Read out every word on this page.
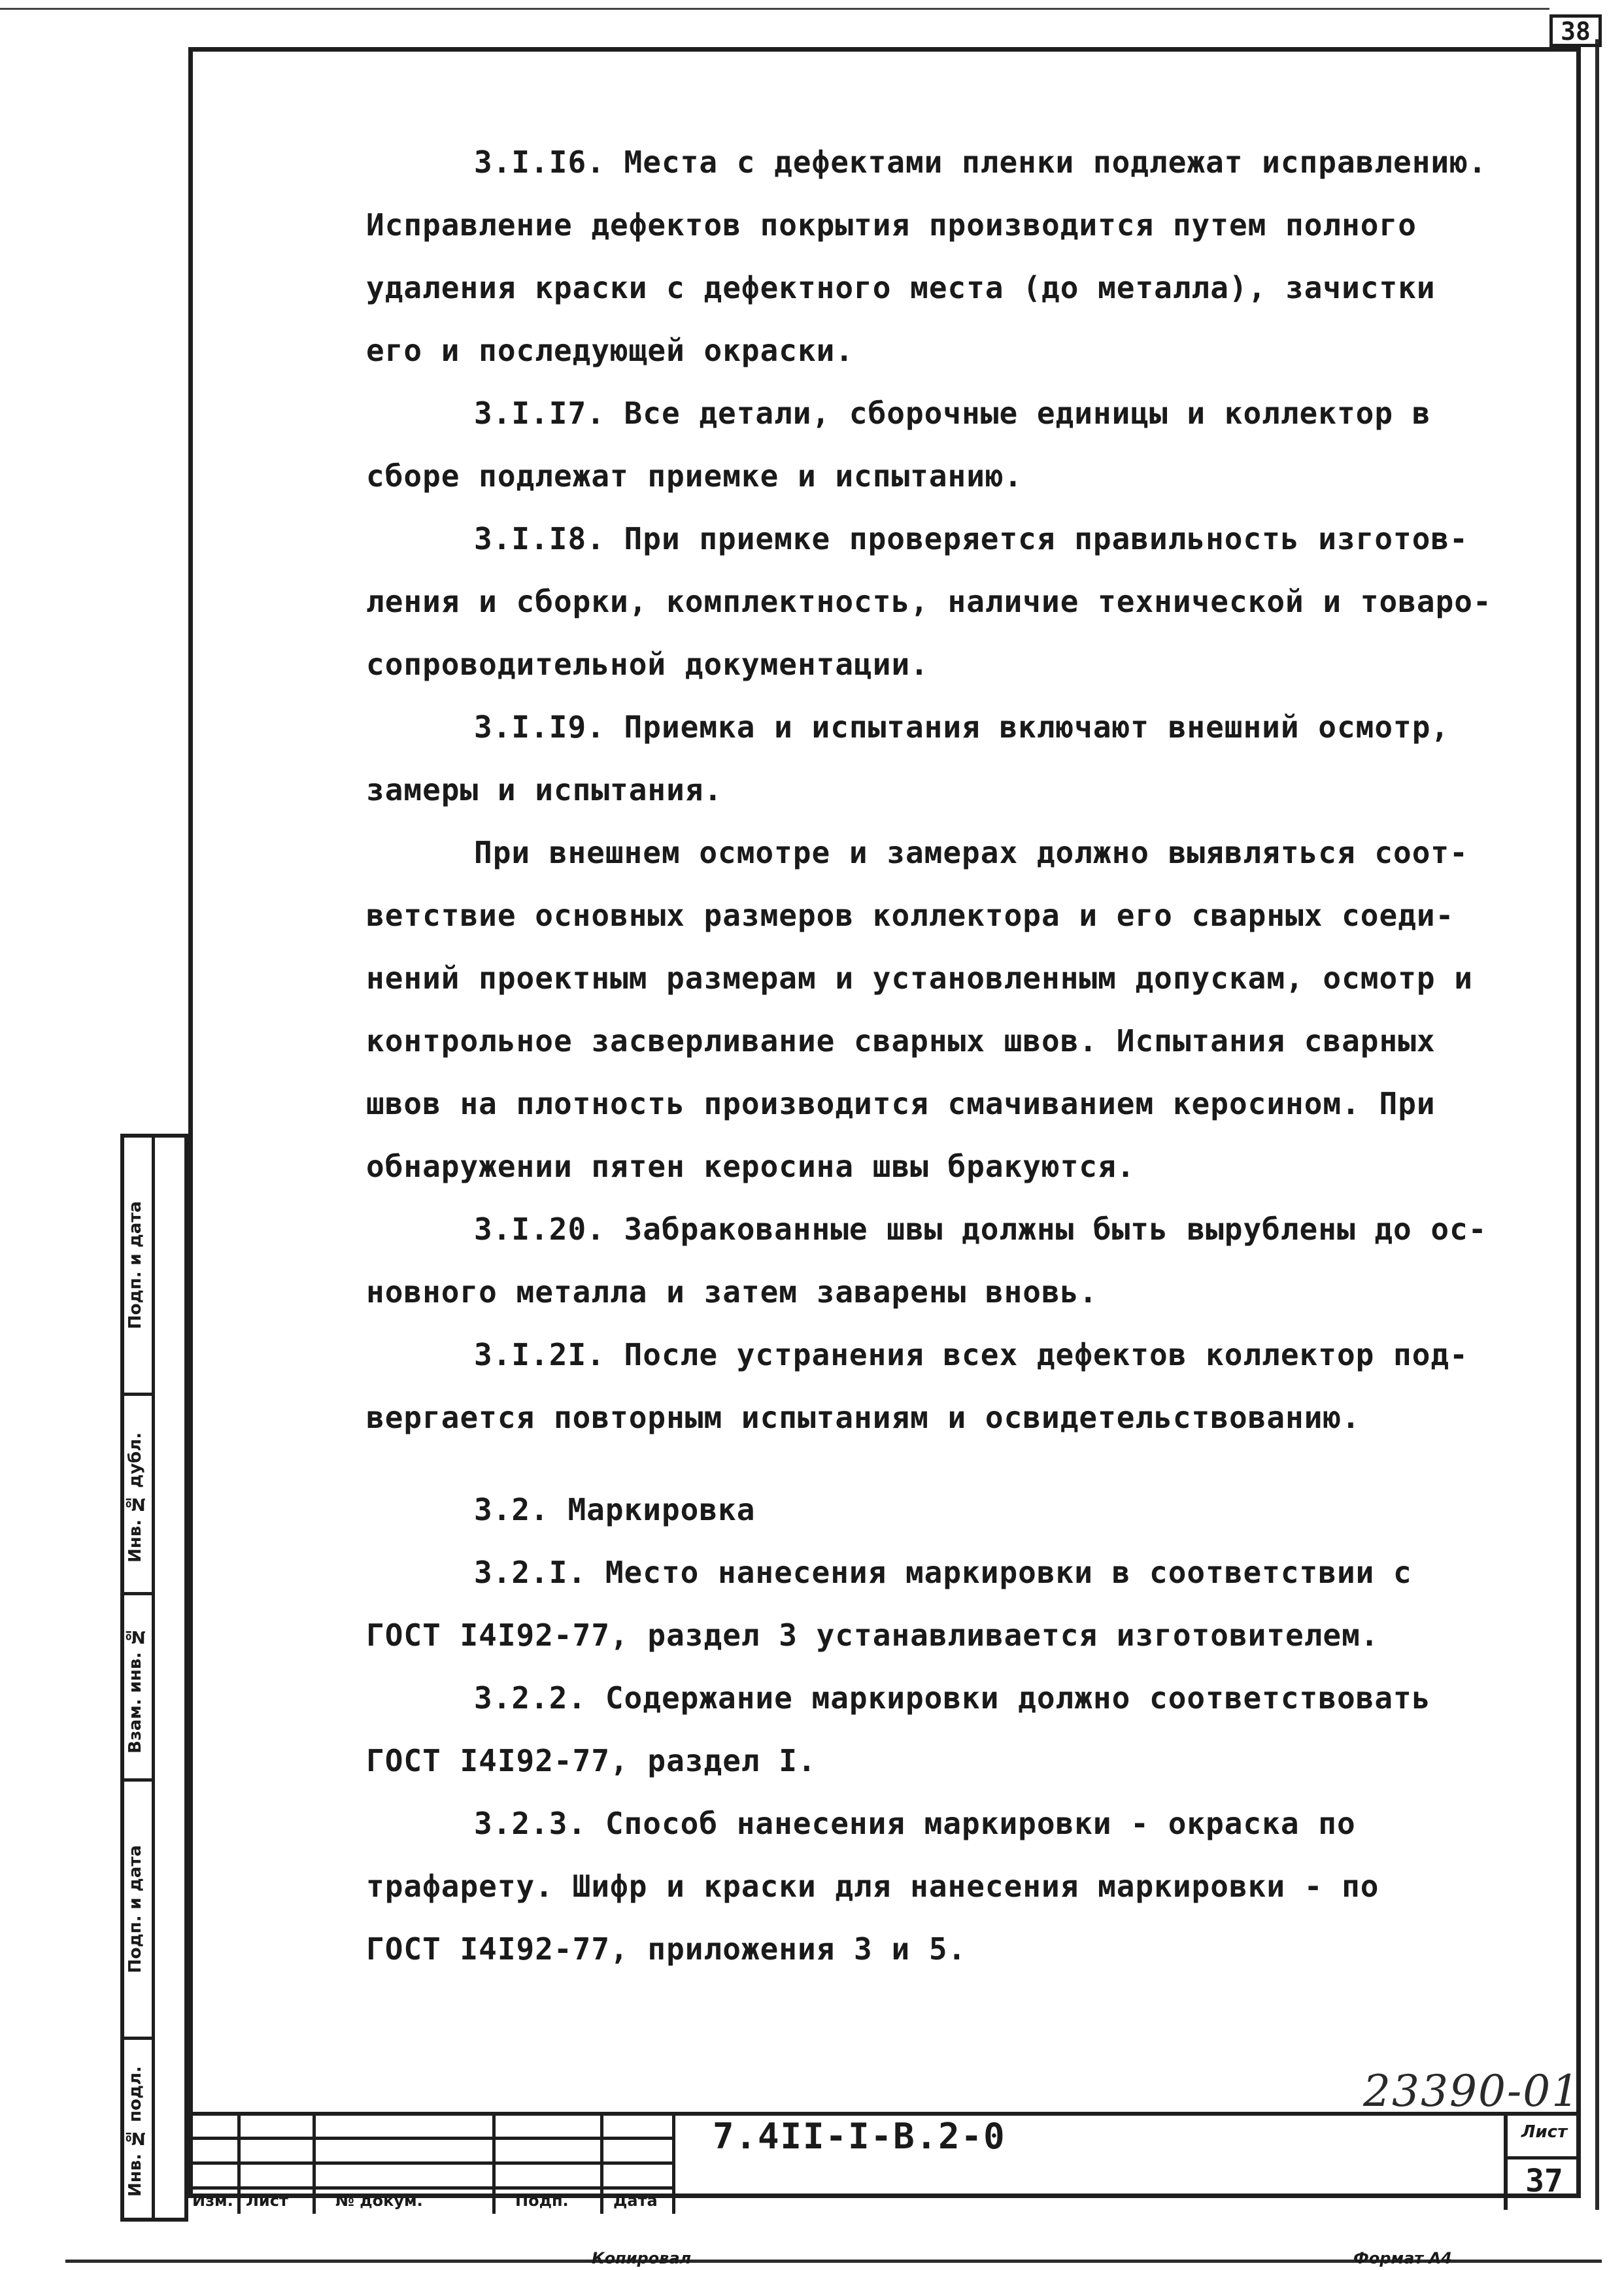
38
3.I.I6. Места с дефектами пленки подлежат исправлению.
Исправление дефектов покрытия производится путем полного
удаления краски с дефектного места (до металла), зачистки
его и последующей окраски.
3.I.I7. Все детали, сборочные единицы и коллектор в
сборе подлежат приемке и испытанию.
3.I.I8. При приемке проверяется правильность изготов-
ления и сборки, комплектность, наличие технической и товаро-
сопроводительной документации.
3.I.I9. Приемка и испытания включают внешний осмотр,
замеры и испытания.
При внешнем осмотре и замерах должно выявляться соот-
ветствие основных размеров коллектора и его сварных соеди-
нений проектным размерам и установленным допускам, осмотр и
контрольное засверливание сварных швов. Испытания сварных
швов на плотность производится смачиванием керосином. При
обнаружении пятен керосина швы бракуются.
3.I.20. Забракованные швы должны быть вырублены до ос-
новного металла и затем заварены вновь.
3.I.2I. После устранения всех дефектов коллектор под-
вергается повторным испытаниям и освидетельствованию.
3.2. Маркировка
3.2.I. Место нанесения маркировки в соответствии с
ГОСТ I4I92-77, раздел 3 устанавливается изготовителем.
3.2.2. Содержание маркировки должно соответствовать
ГОСТ I4I92-77, раздел I.
3.2.3. Способ нанесения маркировки - окраска по
трафарету. Шифр и краски для нанесения маркировки - по
ГОСТ I4I92-77, приложения 3 и 5.
Подп. и дата
Инв. № дубл.
Взам. инв. №
Подп. и дата
Инв. № подл.
Изм. Лист	№ докум.	Подп.	Дата
7.4II-I-В.2-0	Лист
37
23390-01
Копировал	Формат А4
